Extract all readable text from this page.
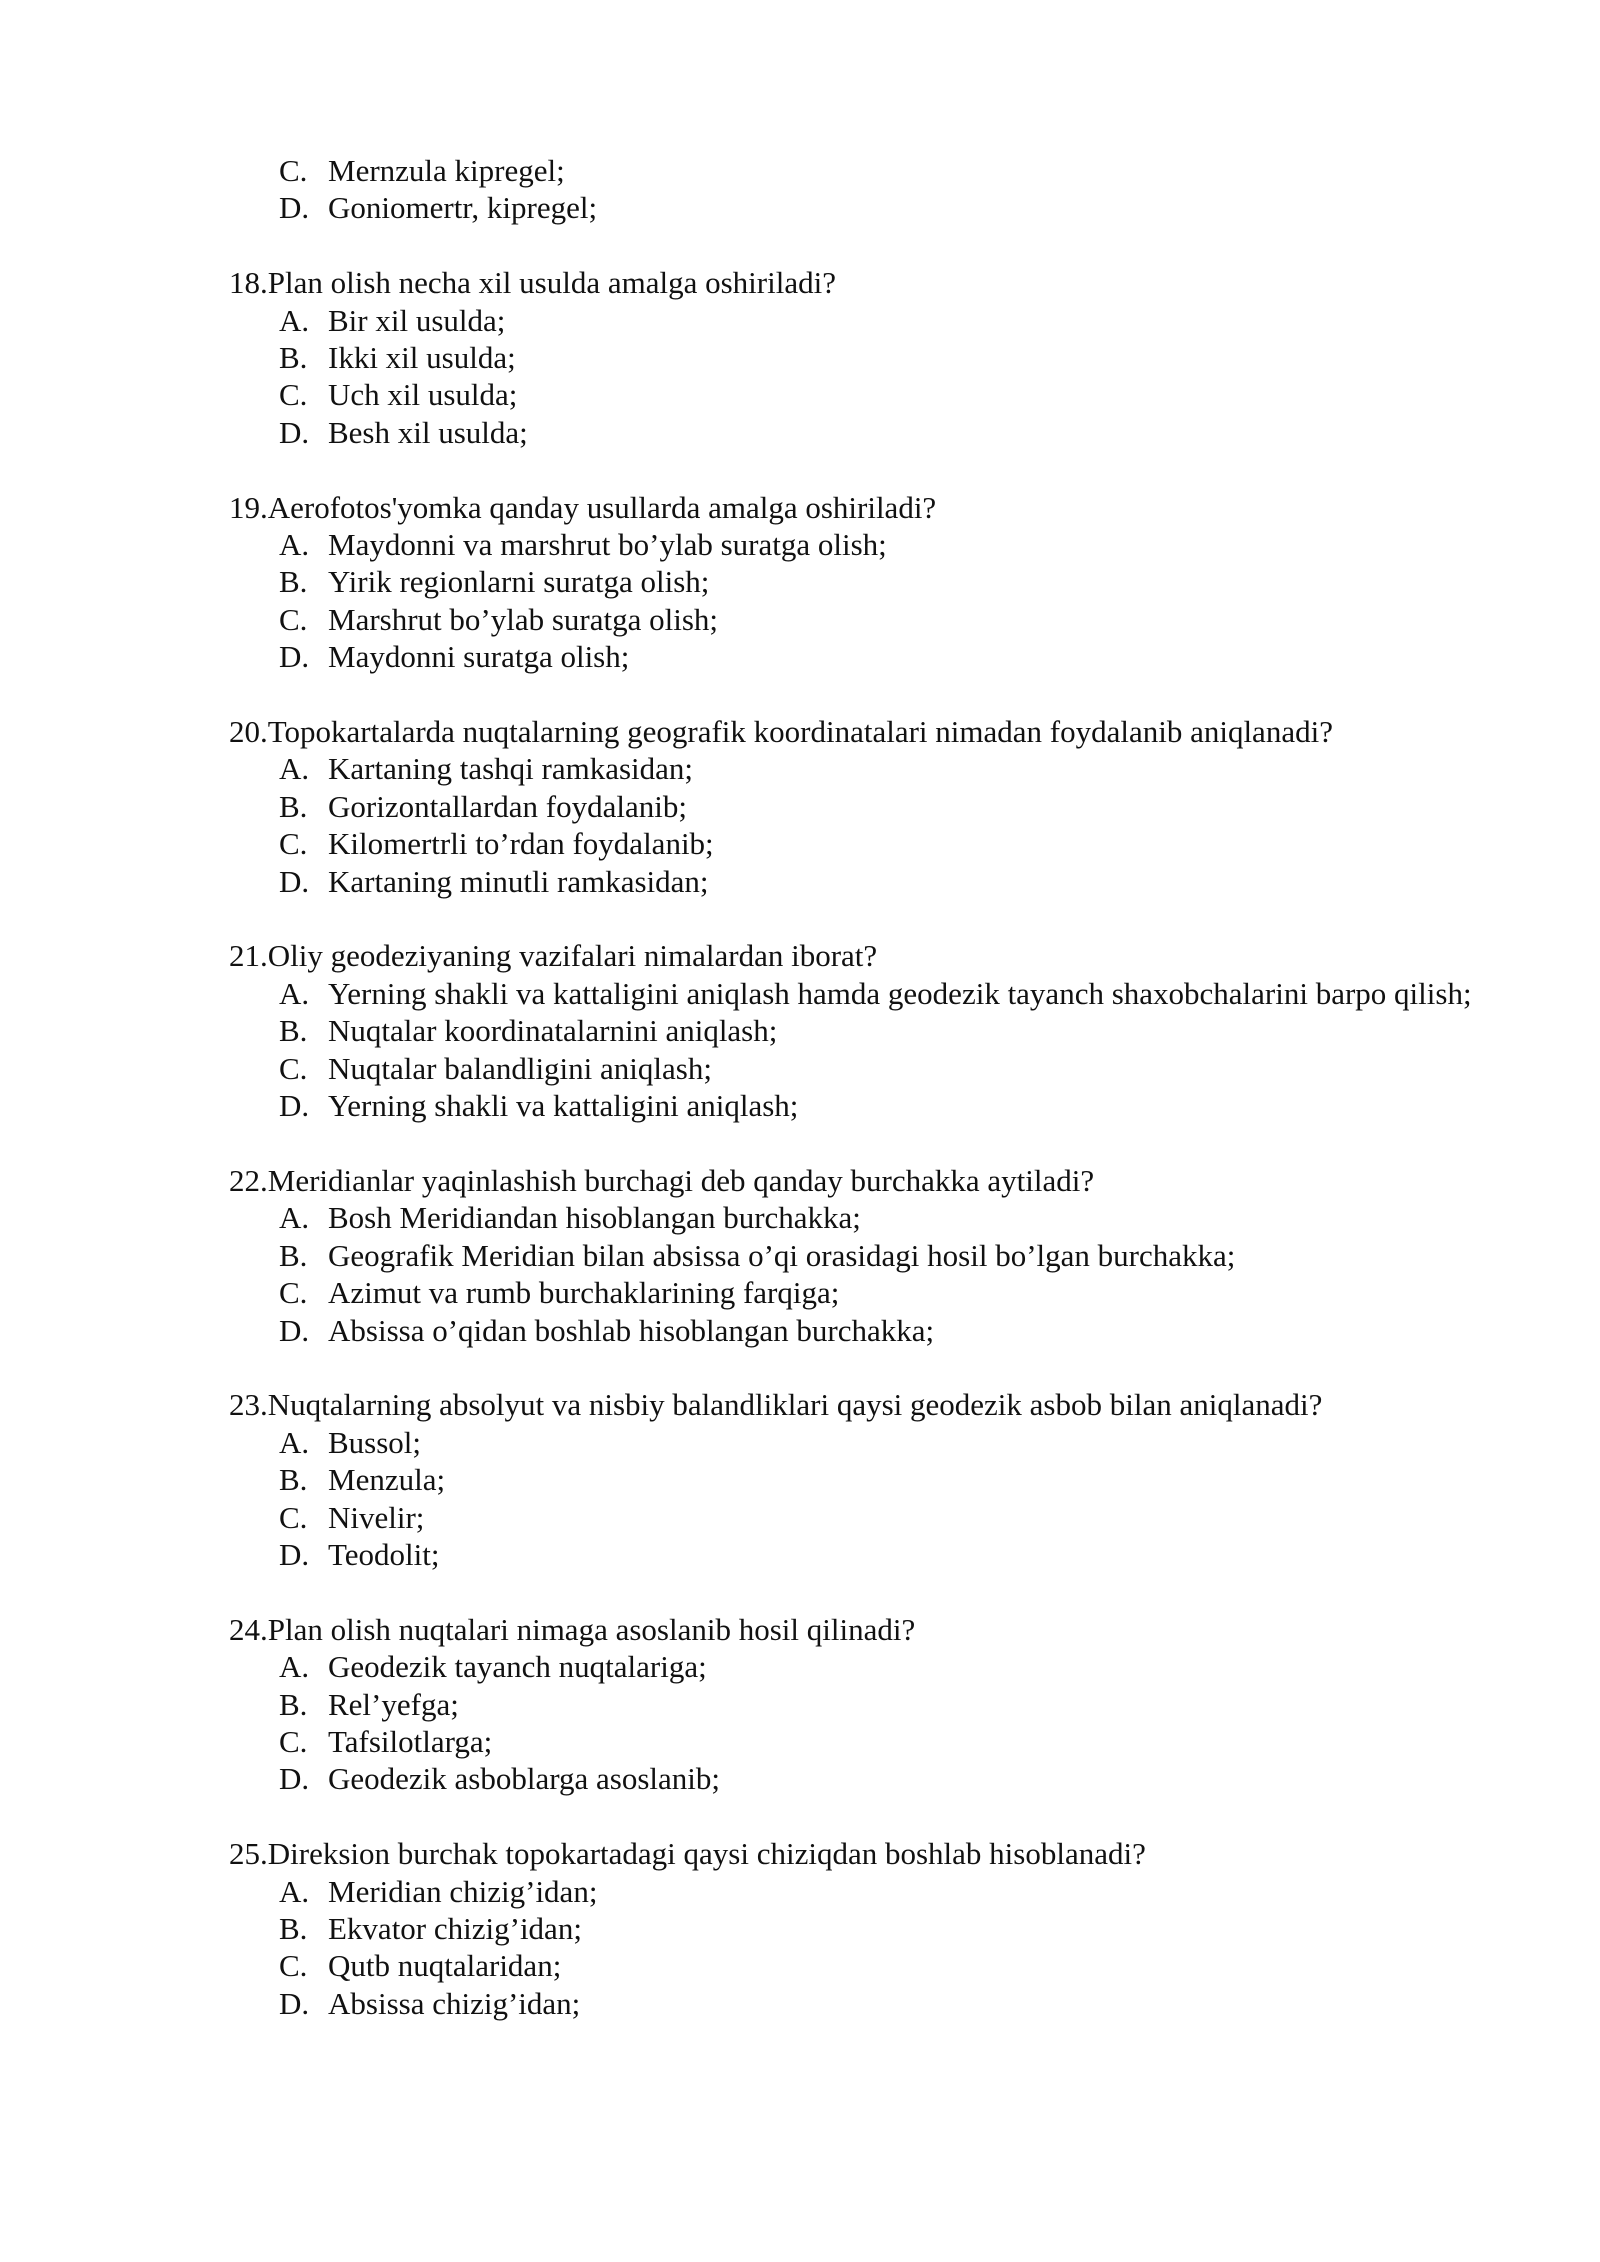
C. Mernzula kipregel;
D. Goniomertr, kipregel;

18. Plan olish necha xil usulda amalga oshiriladi?

A. Bir xil usulda;
B. Ikki xil usulda;
C. Uch xil usulda;
D. Besh xil usulda;

19. Aerofotos'yomka qanday usullarda amalga oshiriladi?

A. Maydonni va marshrut bo’ylab suratga olish;
B. Yirik regionlarni suratga olish;
C. Marshrut bo’ylab suratga olish;
D. Maydonni suratga olish;

20. Topokartalarda nuqtalarning geografik koordinatalari nimadan foydalanib aniqlanadi?

A. Kartaning tashqi ramkasidan;
B. Gorizontallardan foydalanib;
C. Kilomertrli to’rdan foydalanib;
D. Kartaning minutli ramkasidan;

21. Oliy geodeziyaning vazifalari nimalardan iborat?

A. Yerning shakli va kattaligini aniqlash hamda geodezik tayanch shaxobchalarini barpo qilish;
B. Nuqtalar koordinatalarnini aniqlash;
C. Nuqtalar balandligini aniqlash;
D. Yerning shakli va kattaligini aniqlash;

22. Meridianlar yaqinlashish burchagi deb qanday burchakka aytiladi?

A. Bosh Meridiandan hisoblangan burchakka;
B. Geografik Meridian bilan absissa o’qi orasidagi hosil bo’lgan burchakka;
C. Azimut va rumb burchaklarining farqiga;
D. Absissa o’qidan boshlab hisoblangan burchakka;

23. Nuqtalarning absolyut va nisbiy balandliklari qaysi geodezik asbob bilan aniqlanadi?

A. Bussol;
B. Menzula;
C. Nivelir;
D. Teodolit;

24. Plan olish nuqtalari nimaga asoslanib hosil qilinadi?

A. Geodezik tayanch nuqtalariga;
B. Rel’yefga;
C. Tafsilotlarga;
D. Geodezik asboblarga asoslanib;

25. Direksion burchak topokartadagi qaysi chiziqdan boshlab hisoblanadi?

A. Meridian chizig’idan;
B. Ekvator chizig’idan;
C. Qutb nuqtalaridan;
D. Absissa chizig’idan;
